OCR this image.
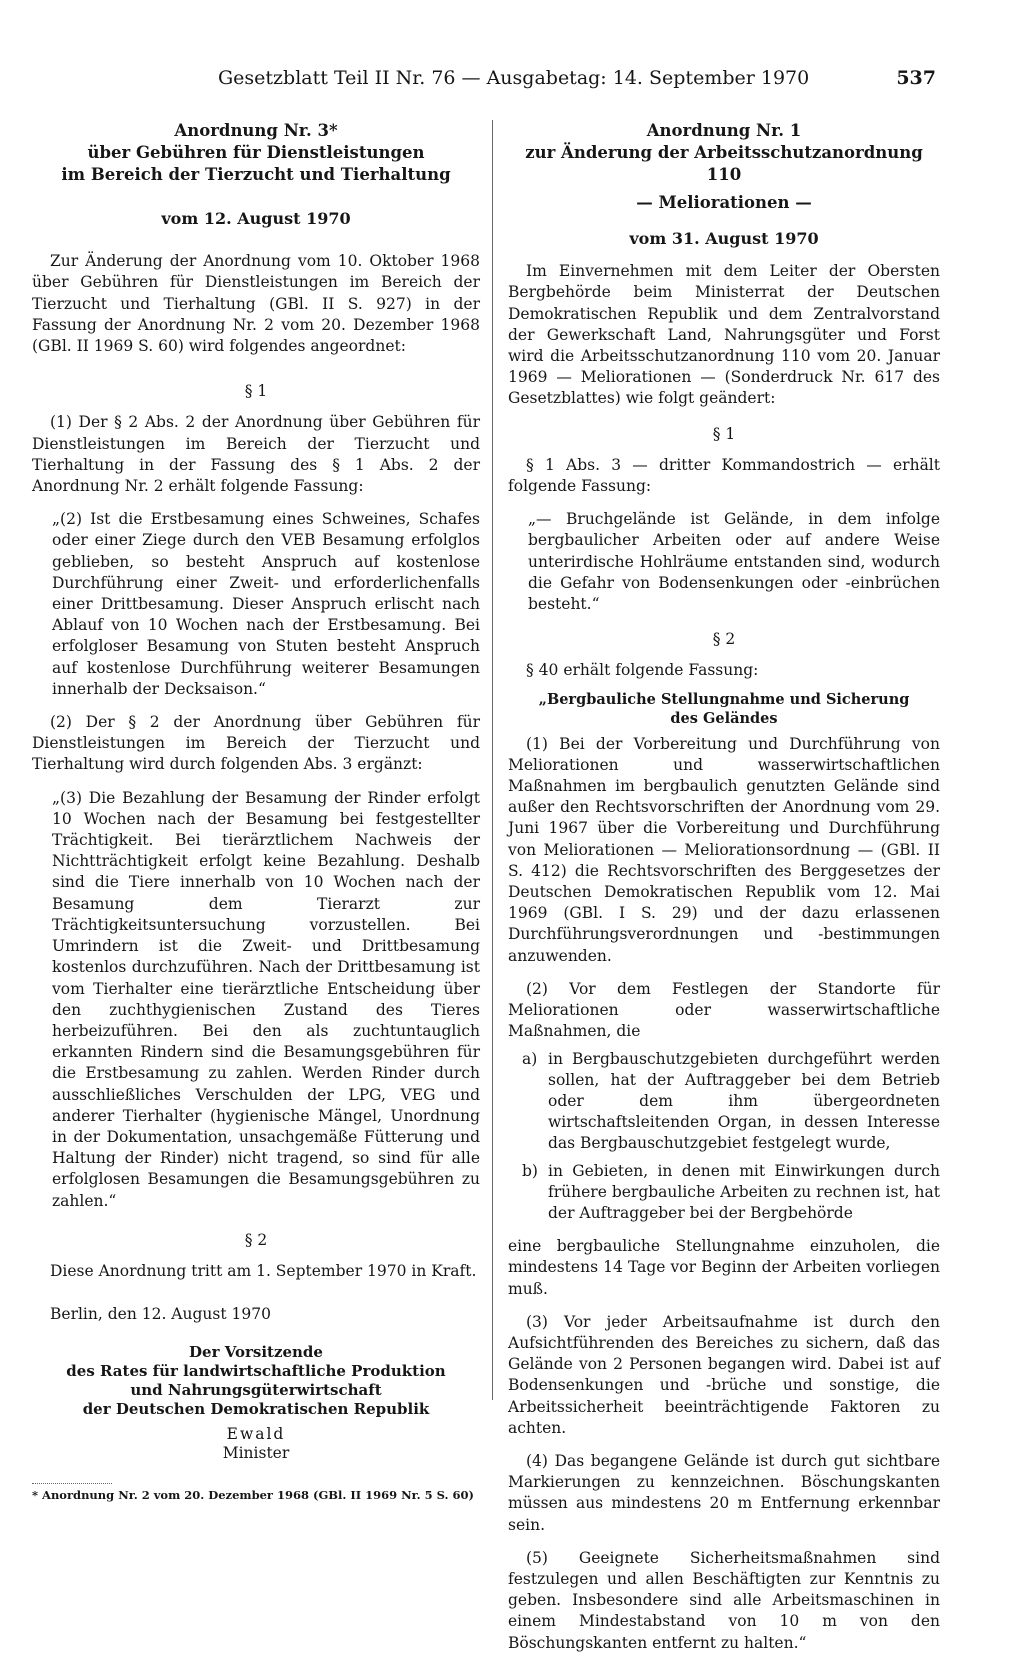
Gesetzblatt Teil II Nr. 76 — Ausgabetag: 14. September 1970	537

Anordnung Nr. 3*

über Gebühren für Dienstleistungen

im Bereich der Tierzucht und Tierhaltung

vom 12. August 1970

Zur Änderung der Anordnung vom 10. Oktober 1968 über Gebühren für Dienstleistungen im Bereich der Tierzucht und Tierhaltung (GBl. II S. 927) in der Fassung der Anordnung Nr. 2 vom 20. Dezember 1968 (GBl. II 1969 S. 60) wird folgendes angeordnet:

§ 1

(1) Der § 2 Abs. 2 der Anordnung über Gebühren für Dienstleistungen im Bereich der Tierzucht und Tierhaltung in der Fassung des § 1 Abs. 2 der Anordnung Nr. 2 erhält folgende Fassung:

„(2) Ist die Erstbesamung eines Schweines, Schafes oder einer Ziege durch den VEB Besamung erfolglos geblieben, so besteht Anspruch auf kostenlose Durchführung einer Zweit- und erforderlichenfalls einer Drittbesamung. Dieser Anspruch erlischt nach Ablauf von 10 Wochen nach der Erstbesamung. Bei erfolgloser Besamung von Stuten besteht Anspruch auf kostenlose Durchführung weiterer Besamungen innerhalb der Decksaison.“

(2) Der § 2 der Anordnung über Gebühren für Dienstleistungen im Bereich der Tierzucht und Tierhaltung wird durch folgenden Abs. 3 ergänzt:

„(3) Die Bezahlung der Besamung der Rinder erfolgt 10 Wochen nach der Besamung bei festgestellter Trächtigkeit. Bei tierärztlichem Nachweis der Nichtträchtigkeit erfolgt keine Bezahlung. Deshalb sind die Tiere innerhalb von 10 Wochen nach der Besamung dem Tierarzt zur Trächtigkeitsuntersuchung vorzustellen. Bei Umrindern ist die Zweit- und Drittbesamung kostenlos durchzuführen. Nach der Drittbesamung ist vom Tierhalter eine tierärztliche Entscheidung über den zuchthygienischen Zustand des Tieres herbeizuführen. Bei den als zuchtuntauglich erkannten Rindern sind die Besamungsgebühren für die Erstbesamung zu zahlen. Werden Rinder durch ausschließliches Verschulden der LPG, VEG und anderer Tierhalter (hygienische Mängel, Unordnung in der Dokumentation, unsachgemäße Fütterung und Haltung der Rinder) nicht tragend, so sind für alle erfolglosen Besamungen die Besamungsgebühren zu zahlen.“

§ 2

Diese Anordnung tritt am 1. September 1970 in Kraft.

Berlin, den 12. August 1970

Der Vorsitzende

des Rates für landwirtschaftliche Produktion

und Nahrungsgüterwirtschaft

der Deutschen Demokratischen Republik

Ewald

Minister

* Anordnung Nr. 2 vom 20. Dezember 1968 (GBl. II 1969 Nr. 5 S. 60)

Anordnung Nr. 1

zur Änderung der Arbeitsschutzanordnung 110

— Meliorationen —

vom 31. August 1970

Im Einvernehmen mit dem Leiter der Obersten Bergbehörde beim Ministerrat der Deutschen Demokratischen Republik und dem Zentralvorstand der Gewerkschaft Land, Nahrungsgüter und Forst wird die Arbeitsschutzanordnung 110 vom 20. Januar 1969 — Meliorationen — (Sonderdruck Nr. 617 des Gesetzblattes) wie folgt geändert:

§ 1

§ 1 Abs. 3 — dritter Kommandostrich — erhält folgende Fassung:

„— Bruchgelände ist Gelände, in dem infolge bergbaulicher Arbeiten oder auf andere Weise unterirdische Hohlräume entstanden sind, wodurch die Gefahr von Bodensenkungen oder -einbrüchen besteht.“

§ 2

§ 40 erhält folgende Fassung:

„Bergbauliche Stellungnahme und Sicherung des Geländes

(1) Bei der Vorbereitung und Durchführung von Meliorationen und wasserwirtschaftlichen Maßnahmen im bergbaulich genutzten Gelände sind außer den Rechtsvorschriften der Anordnung vom 29. Juni 1967 über die Vorbereitung und Durchführung von Meliorationen — Meliorationsordnung — (GBl. II S. 412) die Rechtsvorschriften des Berggesetzes der Deutschen Demokratischen Republik vom 12. Mai 1969 (GBl. I S. 29) und der dazu erlassenen Durchführungsverordnungen und -bestimmungen anzuwenden.

(2) Vor dem Festlegen der Standorte für Meliorationen oder wasserwirtschaftliche Maßnahmen, die

a) in Bergbauschutzgebieten durchgeführt werden sollen, hat der Auftraggeber bei dem Betrieb oder dem ihm übergeordneten wirtschaftsleitenden Organ, in dessen Interesse das Bergbauschutzgebiet festgelegt wurde,
b) in Gebieten, in denen mit Einwirkungen durch frühere bergbauliche Arbeiten zu rechnen ist, hat der Auftraggeber bei der Bergbehörde

eine bergbauliche Stellungnahme einzuholen, die mindestens 14 Tage vor Beginn der Arbeiten vorliegen muß.

(3) Vor jeder Arbeitsaufnahme ist durch den Aufsichtführenden des Bereiches zu sichern, daß das Gelände von 2 Personen begangen wird. Dabei ist auf Bodensenkungen und -brüche und sonstige, die Arbeitssicherheit beeinträchtigende Faktoren zu achten.

(4) Das begangene Gelände ist durch gut sichtbare Markierungen zu kennzeichnen. Böschungskanten müssen aus mindestens 20 m Entfernung erkennbar sein.

(5) Geeignete Sicherheitsmaßnahmen sind festzulegen und allen Beschäftigten zur Kenntnis zu geben. Insbesondere sind alle Arbeitsmaschinen in einem Mindestabstand von 10 m von den Böschungskanten entfernt zu halten.“
